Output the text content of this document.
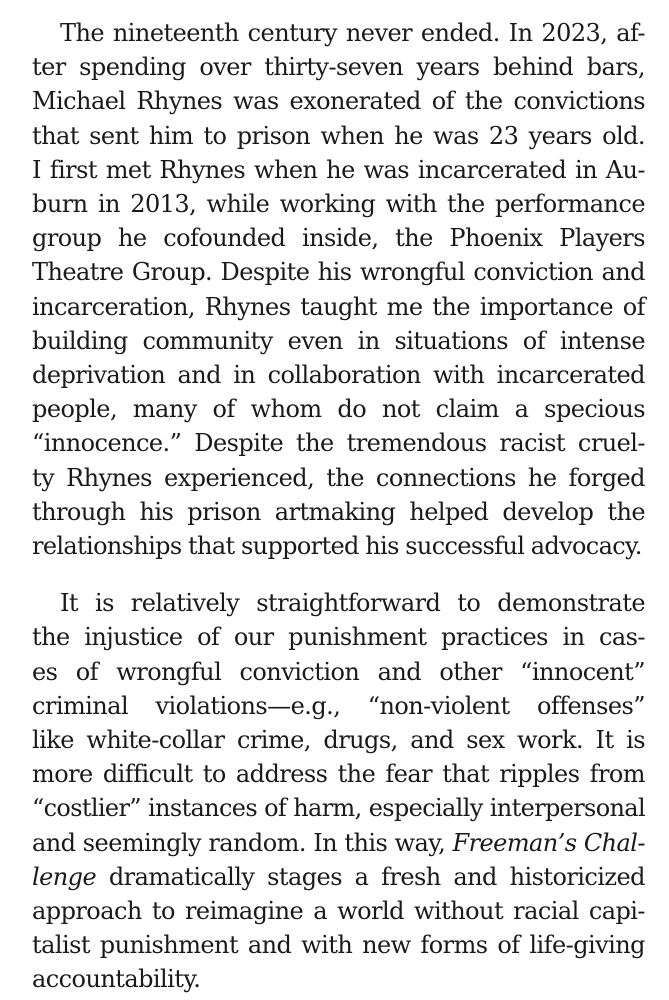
The nineteenth century never ended. In 2023, af-
ter spending over thirty-seven years behind bars,
Michael Rhynes was exonerated of the convictions
that sent him to prison when he was 23 years old.
I first met Rhynes when he was incarcerated in Au-
burn in 2013, while working with the performance
group he cofounded inside, the Phoenix Players
Theatre Group. Despite his wrongful conviction and
incarceration, Rhynes taught me the importance of
building community even in situations of intense
deprivation and in collaboration with incarcerated
people, many of whom do not claim a specious
“innocence.” Despite the tremendous racist cruel-
ty Rhynes experienced, the connections he forged
through his prison artmaking helped develop the
relationships that supported his successful advocacy.

It is relatively straightforward to demonstrate
the injustice of our punishment practices in cas-
es of wrongful conviction and other “innocent”
criminal violations—e.g., “non-violent offenses”
like white-collar crime, drugs, and sex work. It is
more difficult to address the fear that ripples from
“costlier” instances of harm, especially interpersonal
and seemingly random. In this way, Freeman’s Chal-
lenge dramatically stages a fresh and historicized
approach to reimagine a world without racial capi-
talist punishment and with new forms of life-giving
accountability.
